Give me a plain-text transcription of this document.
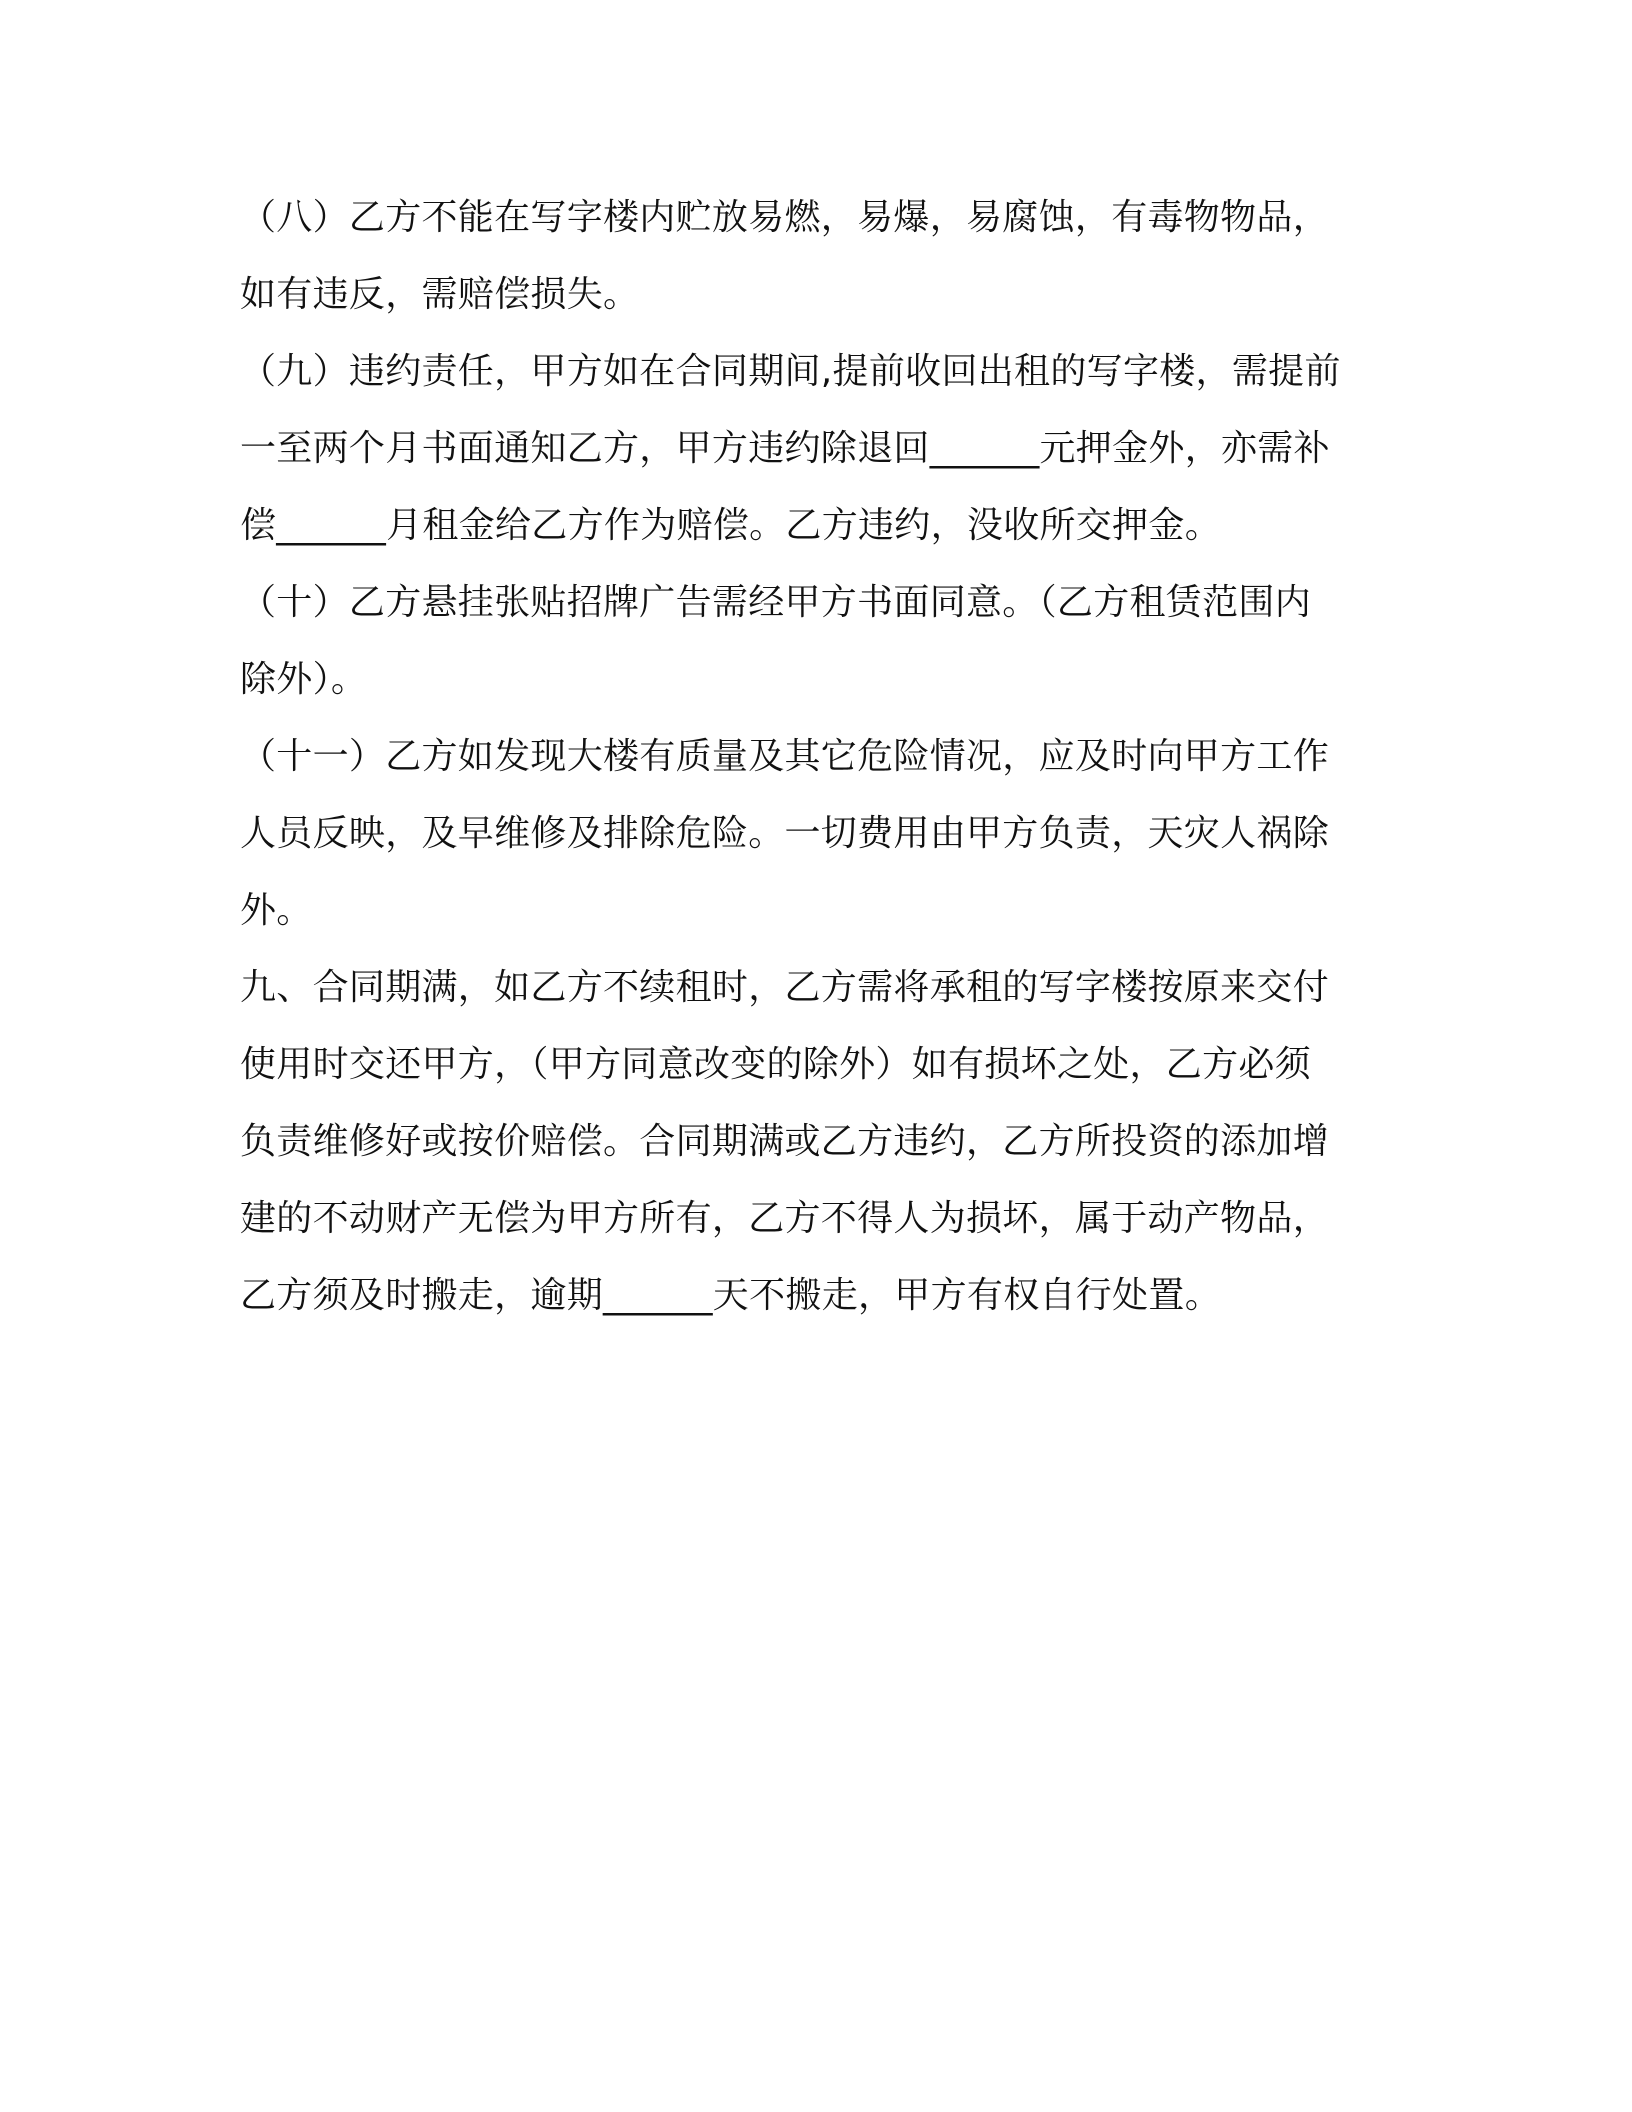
（八）乙方不能在写字楼内贮放易燃，易爆，易腐蚀，有毒物物品，
如有违反，需赔偿损失。
（九）违约责任，甲方如在合同期间,提前收回出租的写字楼，需提前
一至两个月书面通知乙方，甲方违约除退回______元押金外，亦需补
偿______月租金给乙方作为赔偿。乙方违约，没收所交押金。
（十）乙方悬挂张贴招牌广告需经甲方书面同意。（乙方租赁范围内
除外）。
（十一）乙方如发现大楼有质量及其它危险情况，应及时向甲方工作
人员反映，及早维修及排除危险。一切费用由甲方负责，天灾人祸除
外。
九、合同期满，如乙方不续租时，乙方需将承租的写字楼按原来交付
使用时交还甲方，（甲方同意改变的除外）如有损坏之处，乙方必须
负责维修好或按价赔偿。合同期满或乙方违约，乙方所投资的添加增
建的不动财产无偿为甲方所有，乙方不得人为损坏，属于动产物品，
乙方须及时搬走，逾期______天不搬走，甲方有权自行处置。
